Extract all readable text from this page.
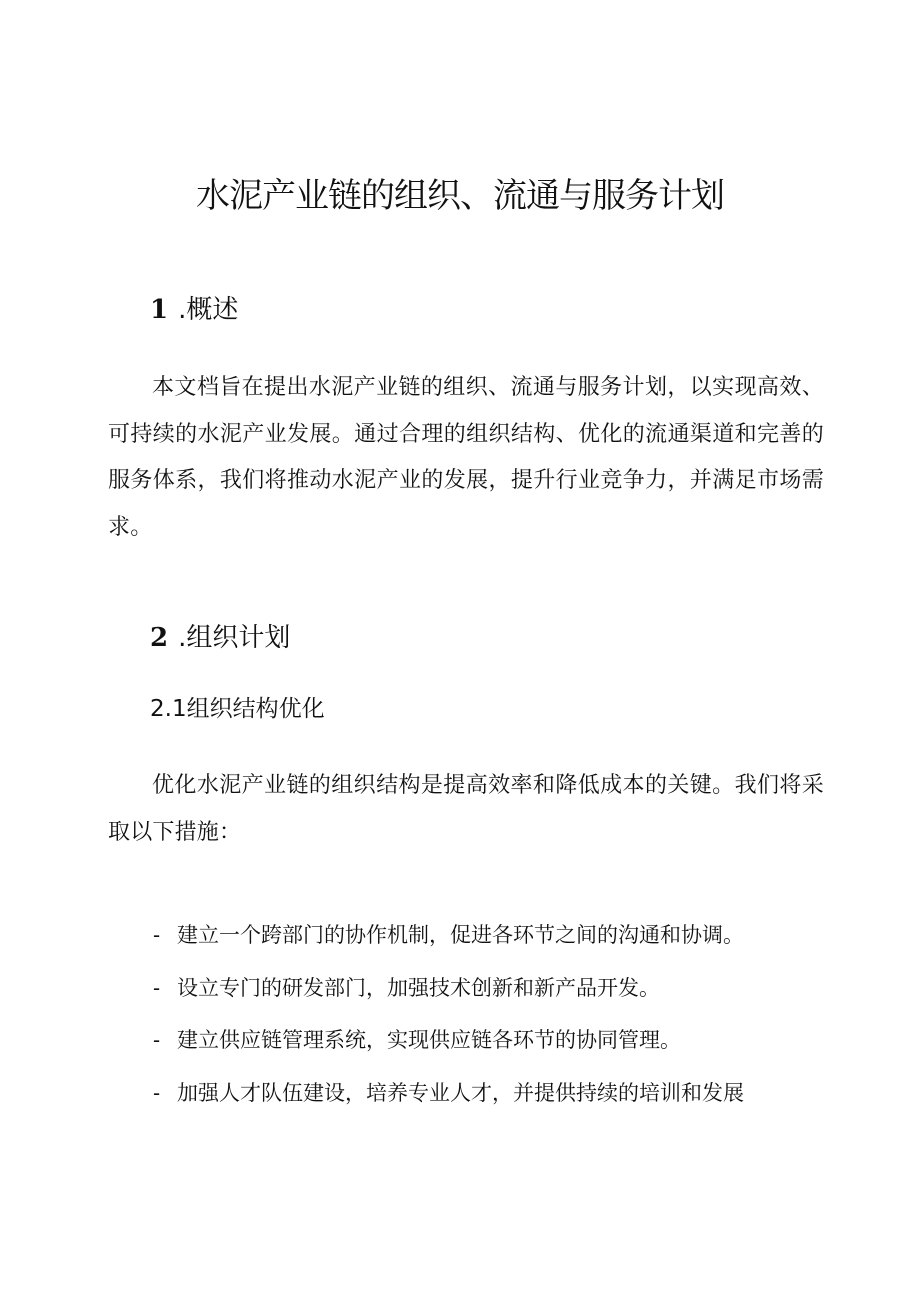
水泥产业链的组织、流通与服务计划
1 .概述

本文档旨在提出水泥产业链的组织、流通与服务计划，以实现高效、可持续的水泥产业发展。通过合理的组织结构、优化的流通渠道和完善的服务体系，我们将推动水泥产业的发展，提升行业竞争力，并满足市场需求。

2 .组织计划
2.1组织结构优化

优化水泥产业链的组织结构是提高效率和降低成本的关键。我们将采取以下措施：

- 建立一个跨部门的协作机制，促进各环节之间的沟通和协调。
- 设立专门的研发部门，加强技术创新和新产品开发。
- 建立供应链管理系统，实现供应链各环节的协同管理。
- 加强人才队伍建设，培养专业人才，并提供持续的培训和发展
